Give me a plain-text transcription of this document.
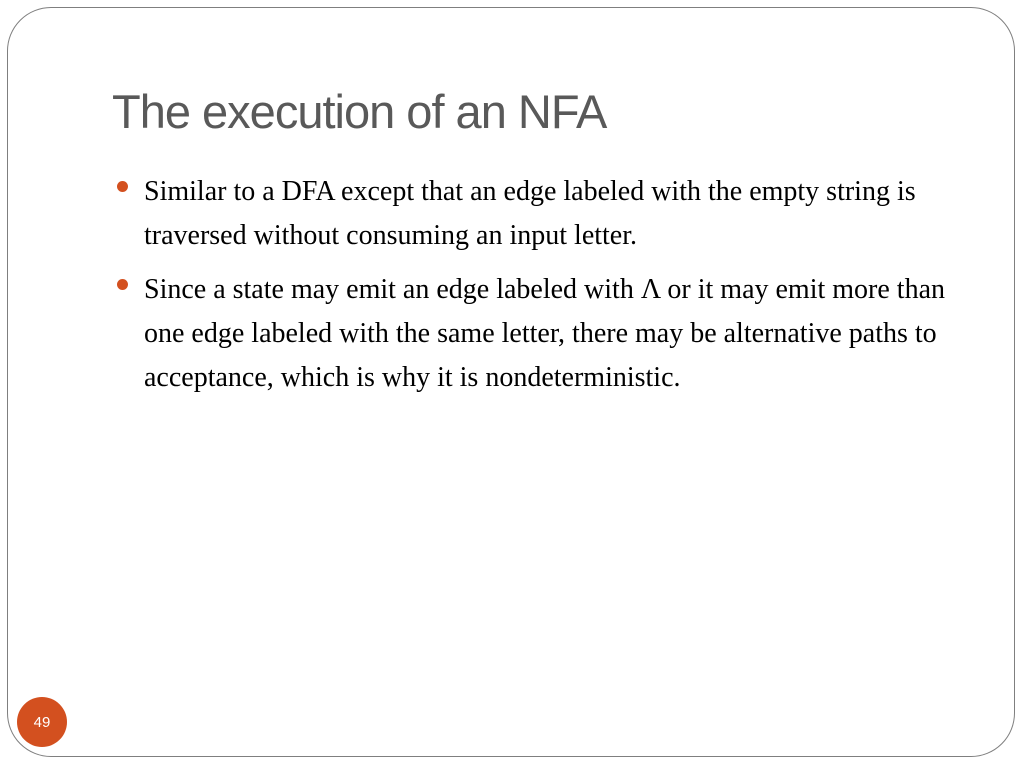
The execution of an NFA
Similar to a DFA except that an edge labeled with the empty string is traversed without consuming an input letter.
Since a state may emit an edge labeled with Λ or it may emit more than one edge labeled with the same letter, there may be alternative paths to acceptance, which is why it is nondeterministic.
49
